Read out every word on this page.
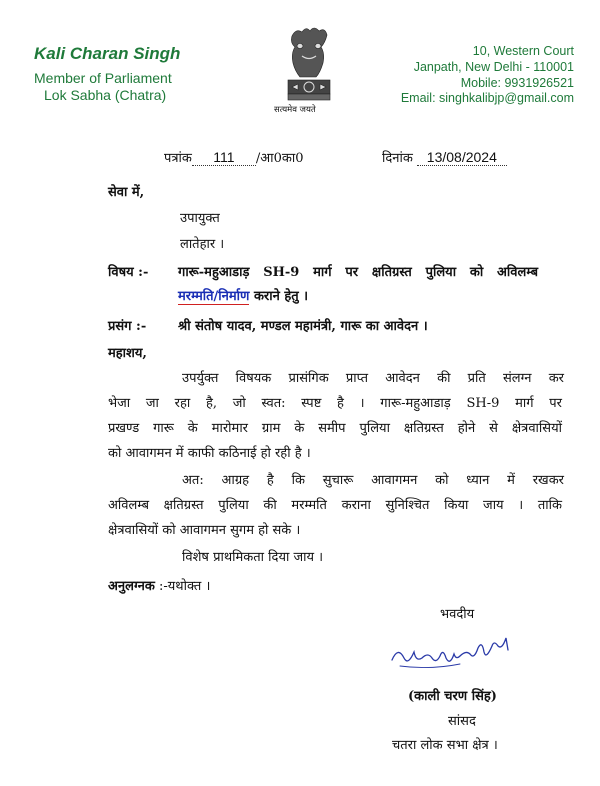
Kali Charan Singh
Member of Parliament
Lok Sabha (Chatra)
सत्यमेव जयते
10, Western Court
Janpath, New Delhi - 110001
Mobile: 9931926521
Email: singhkalibjp@gmail.com
पत्रांक 111 /आ0का0	दिनांक 13/08/2024
सेवा में,
उपायुक्त
लातेहार ।
विषय :- गारू-महुआडाड़ SH-9 मार्ग पर क्षतिग्रस्त पुलिया को अविलम्ब
मरम्मति/निर्माण कराने हेतु ।
प्रसंग :- श्री संतोष यादव, मण्डल महामंत्री, गारू का आवेदन ।
महाशय,
उपर्युक्त विषयक प्रासंगिक प्राप्त आवेदन की प्रति संलग्न कर
भेजा जा रहा है, जो स्वत: स्पष्ट है । गारू-महुआडाड़ SH-9 मार्ग पर
प्रखण्ड गारू के मारोमार ग्राम के समीप पुलिया क्षतिग्रस्त होने से क्षेत्रवासियों
को आवागमन में काफी कठिनाई हो रही है ।
अत: आग्रह है कि सुचारू आवागमन को ध्यान में रखकर
अविलम्ब क्षतिग्रस्त पुलिया की मरम्मति कराना सुनिश्चित किया जाय । ताकि
क्षेत्रवासियों को आवागमन सुगम हो सके ।
विशेष प्राथमिकता दिया जाय ।
अनुलग्नक :-यथोक्त ।
भवदीय
(काली चरण सिंह)
सांसद
चतरा लोक सभा क्षेत्र ।
